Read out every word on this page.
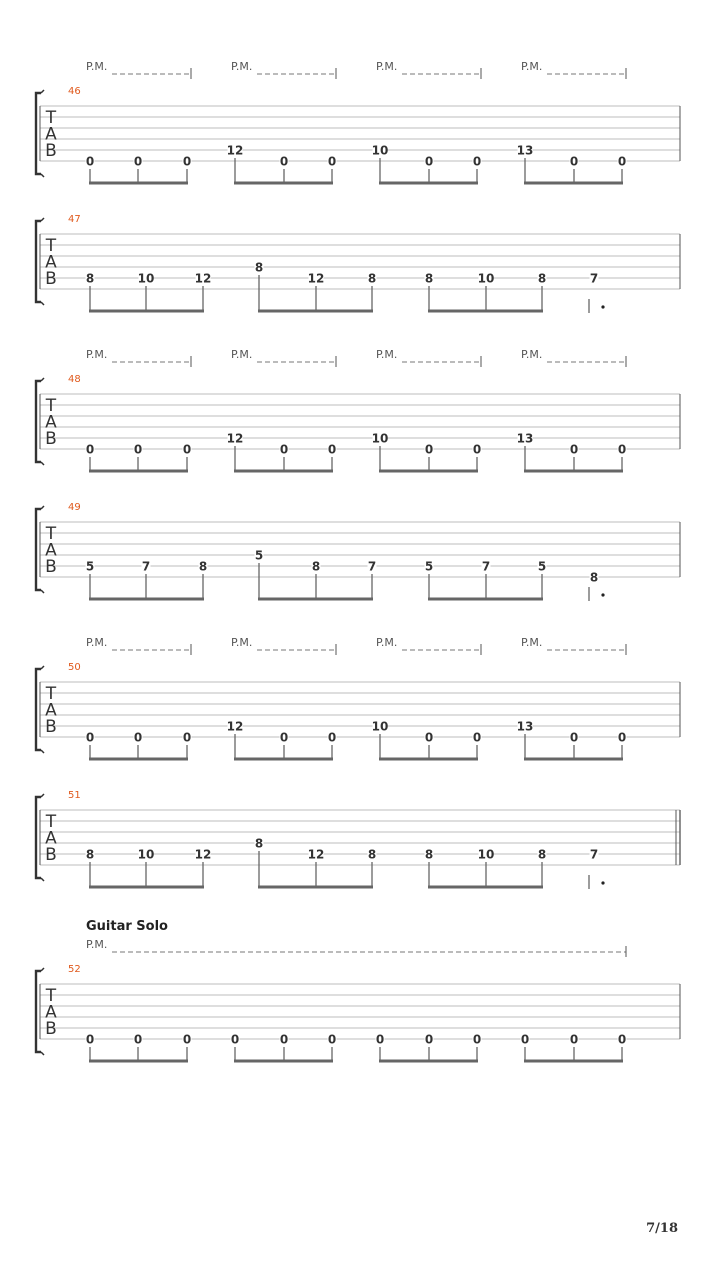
T
A
B
46
P.M.	P.M.	P.M.	P.M.
0	0	0
12
0	0
10
0	0
13
0	0
T
A
B
47
8	10	12
8
12	8	8	10	8	7
T
A
B
48
P.M.	P.M.	P.M.	P.M.
0	0	0
12
0	0
10
0	0
13
0	0
T
A
B
49
5	7	8
5
8	7	5	7	5
8
T
A
B
50
P.M.	P.M.	P.M.	P.M.
0	0	0
12
0	0
10
0	0
13
0	0
T
A
B
51
8	10	12
8
12	8	8	10	8	7
T
A
B
52
Guitar Solo
P.M.
0	0	0	0	0	0	0	0	0	0	0	0
7/18
